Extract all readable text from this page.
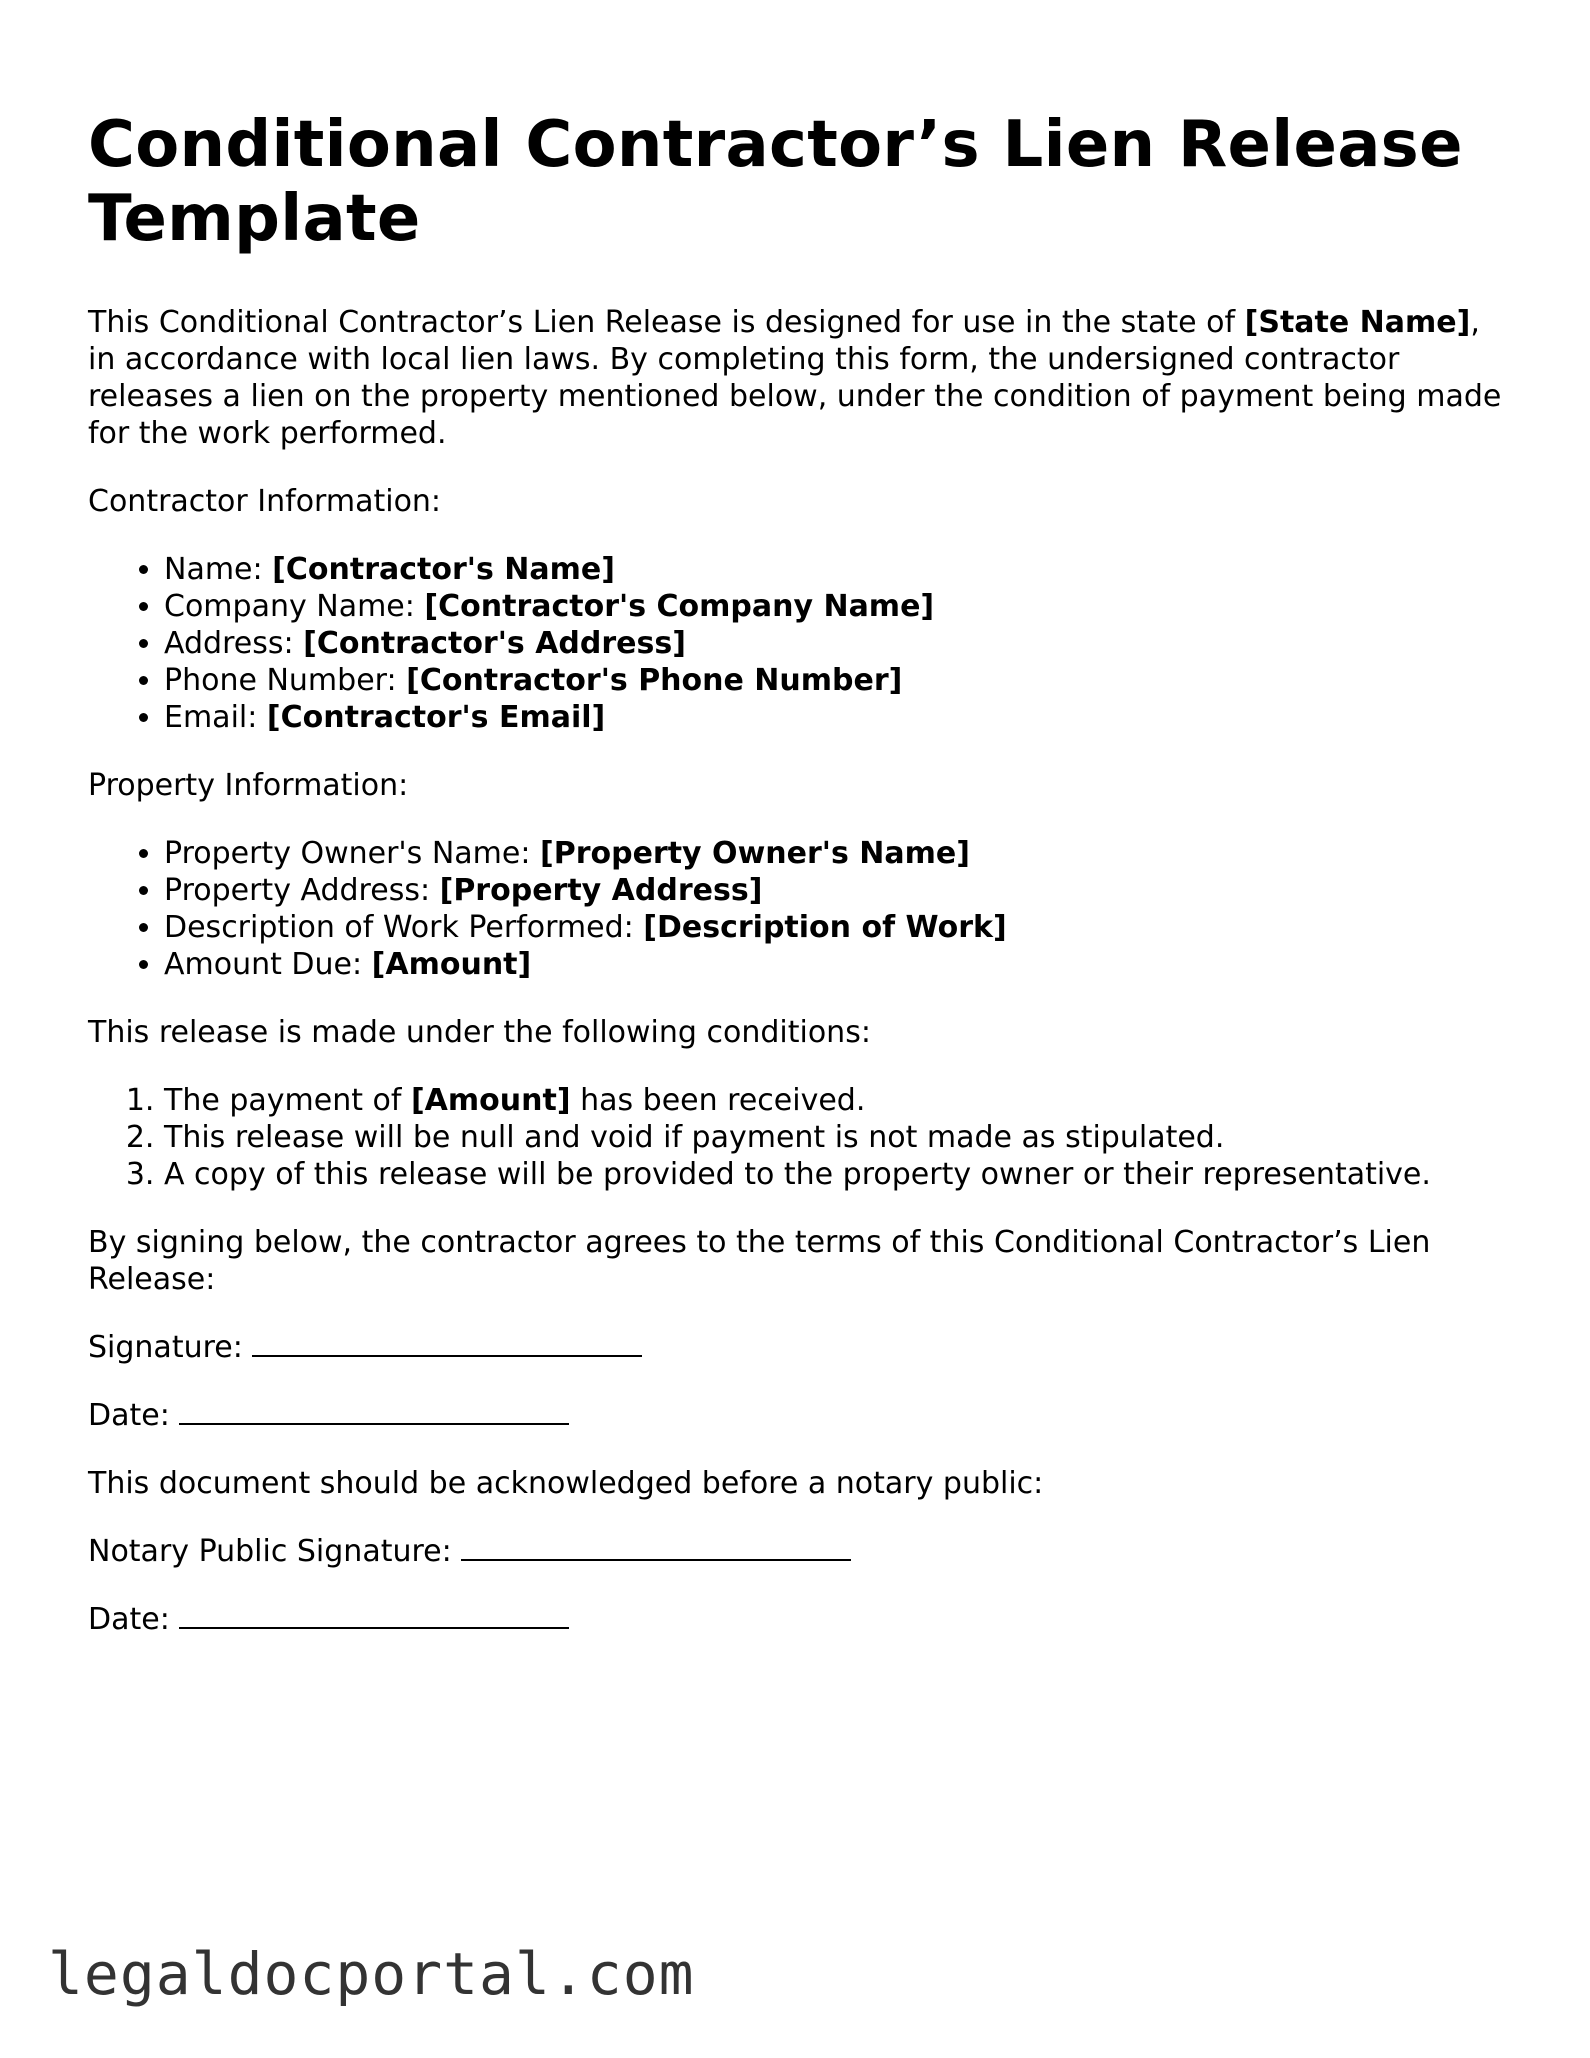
Conditional Contractor’s Lien Release Template

This Conditional Contractor’s Lien Release is designed for use in the state of [State Name], in accordance with local lien laws. By completing this form, the undersigned contractor releases a lien on the property mentioned below, under the condition of payment being made for the work performed.

Contractor Information:

• Name: [Contractor's Name]
• Company Name: [Contractor's Company Name]
• Address: [Contractor's Address]
• Phone Number: [Contractor's Phone Number]
• Email: [Contractor's Email]

Property Information:

• Property Owner's Name: [Property Owner's Name]
• Property Address: [Property Address]
• Description of Work Performed: [Description of Work]
• Amount Due: [Amount]

This release is made under the following conditions:

1. The payment of [Amount] has been received.
2. This release will be null and void if payment is not made as stipulated.
3. A copy of this release will be provided to the property owner or their representative.

By signing below, the contractor agrees to the terms of this Conditional Contractor’s Lien Release:

Signature:

Date:

This document should be acknowledged before a notary public:

Notary Public Signature:

Date:

legaldocportal.com
